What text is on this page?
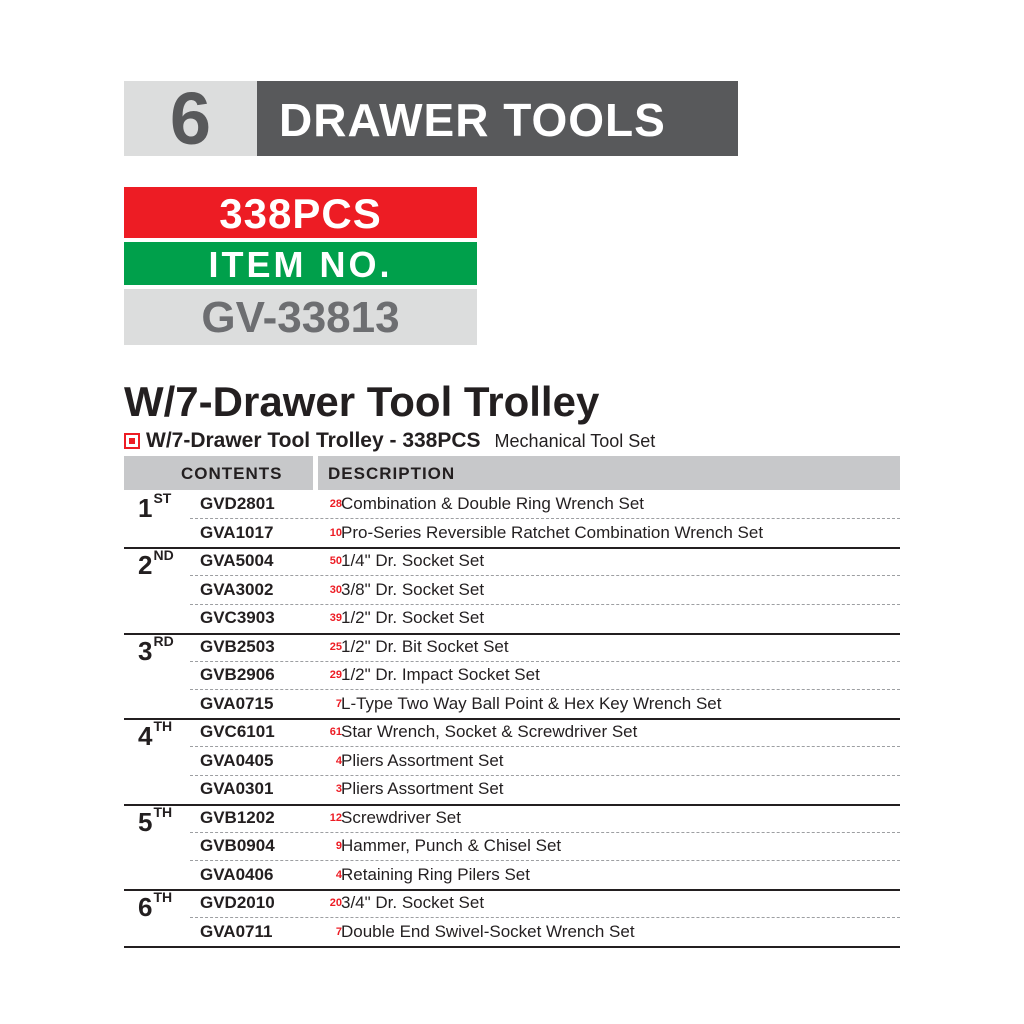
6	DRAWER TOOLS
338PCS
ITEM NO.
GV-33813
W/7-Drawer Tool Trolley
W/7-Drawer Tool Trolley - 338PCS Mechanical Tool Set
CONTENTS	DESCRIPTION
1ST GVD2801	28 Combination & Double Ring Wrench Set
GVA1017	10 Pro-Series Reversible Ratchet Combination Wrench Set
2ND GVA5004	50 1/4" Dr. Socket Set
GVA3002	30 3/8" Dr. Socket Set
GVC3903	39 1/2" Dr. Socket Set
3RD GVB2503	25 1/2" Dr. Bit Socket Set
GVB2906	29 1/2" Dr. Impact Socket Set
GVA0715	7 L-Type Two Way Ball Point & Hex Key Wrench Set
4TH GVC6101	61 Star Wrench, Socket & Screwdriver Set
GVA0405	4 Pliers Assortment Set
GVA0301	3 Pliers Assortment Set
5TH GVB1202	12 Screwdriver Set
GVB0904	9 Hammer, Punch & Chisel Set
GVA0406	4 Retaining Ring Pilers Set
6TH GVD2010	20 3/4" Dr. Socket Set
GVA0711	7 Double End Swivel-Socket Wrench Set
